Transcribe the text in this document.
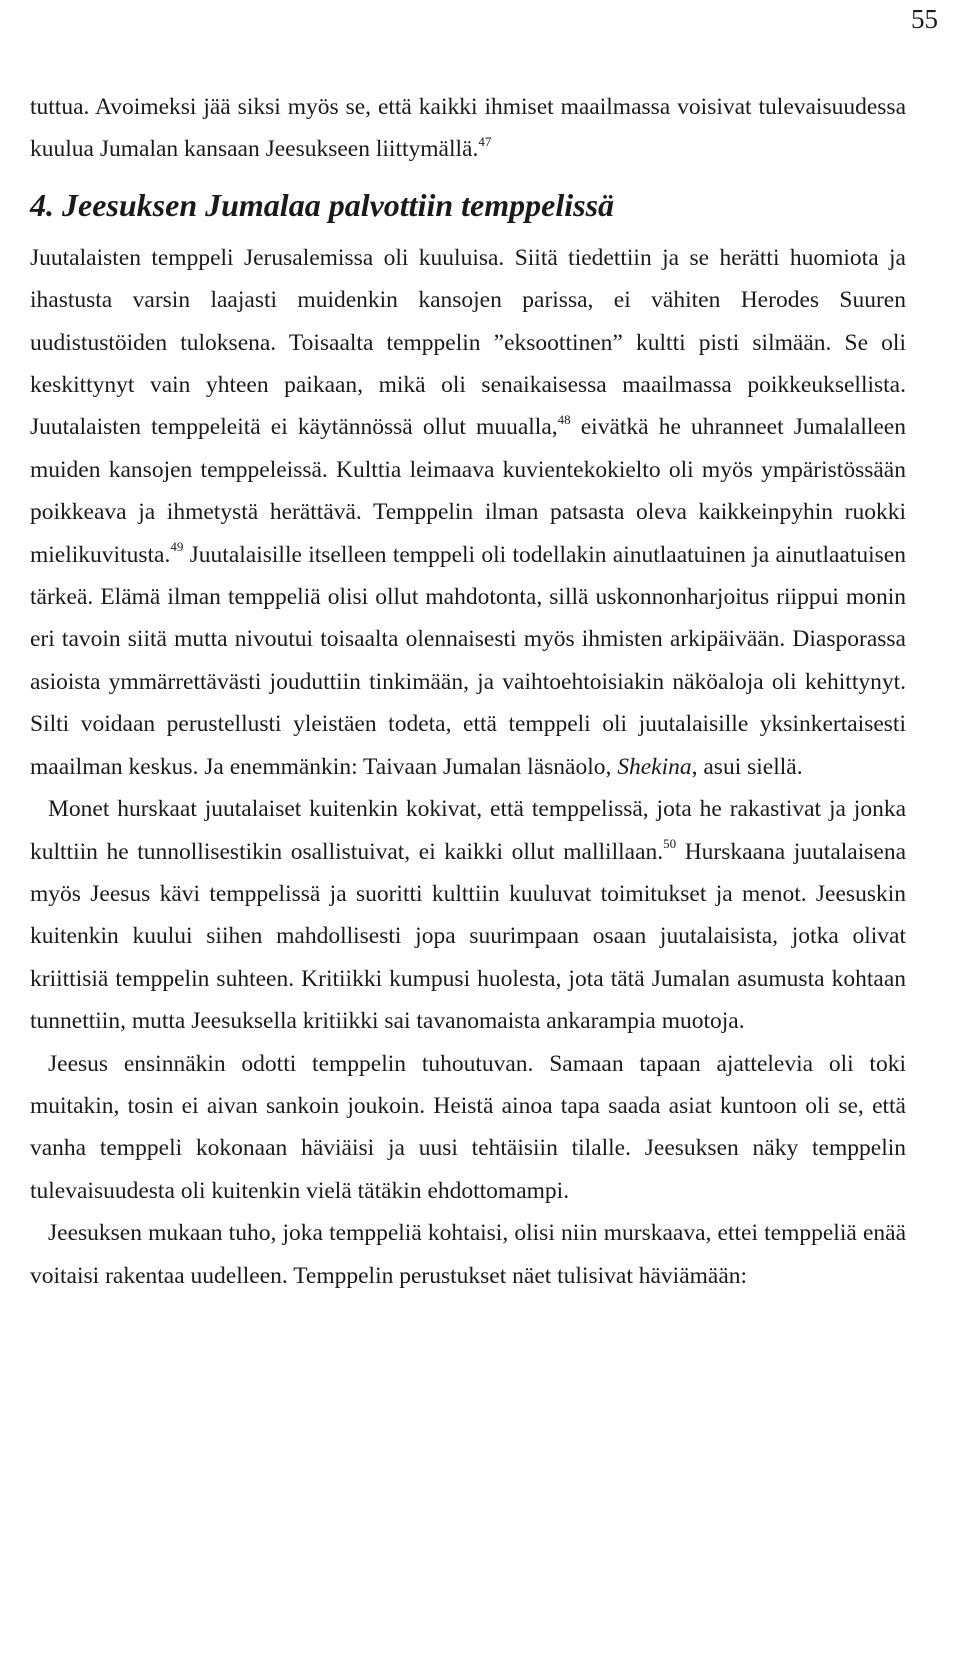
55

tuttua. Avoimeksi jää siksi myös se, että kaikki ihmiset maailmassa voisivat tulevaisuudessa kuulua Jumalan kansaan Jeesukseen liittymällä.$^{47}$

4. Jeesuksen Jumalaa palvottiin temppelissä

Juutalaisten temppeli Jerusalemissa oli kuuluisa. Siitä tiedettiin ja se herätti huomiota ja ihastusta varsin laajasti muidenkin kansojen parissa, ei vähiten Herodes Suuren uudistustöiden tuloksena. Toisaalta temppelin ”eksoottinen” kultti pisti silmään. Se oli keskittynyt vain yhteen paikaan, mikä oli senaikaisessa maailmassa poikkeuksellista. Juutalaisten temppeleitä ei käytännössä ollut muualla,$^{48}$ eivätkä he uhranneet Jumalalleen muiden kansojen temppeleissä. Kulttia leimaava kuvientekokielto oli myös ympäristössään poikkeava ja ihmetystä herättävä. Temppelin ilman patsasta oleva kaikkeinpyhin ruokki mielikuvitusta.$^{49}$ Juutalaisille itselleen temppeli oli todellakin ainutlaatuinen ja ainutlaatuisen tärkeä. Elämä ilman temppeliä olisi ollut mahdotonta, sillä uskonnonharjoitus riippui monin eri tavoin siitä mutta nivoutui toisaalta olennaisesti myös ihmisten arkipäivään. Diasporassa asioista ymmärrettävästi jouduttiin tinkimään, ja vaihtoehtoisiakin näköaloja oli kehittynyt. Silti voidaan perustellusti yleistäen todeta, että temppeli oli juutalaisille yksinkertaisesti maailman keskus. Ja enemmänkin: Taivaan Jumalan läsnäolo, Shekina, asui siellä.

Monet hurskaat juutalaiset kuitenkin kokivat, että temppelissä, jota he rakastivat ja jonka kulttiin he tunnollisestikin osallistuivat, ei kaikki ollut mallillaan.$^{50}$ Hurskaana juutalaisena myös Jeesus kävi temppelissä ja suoritti kulttiin kuuluvat toimitukset ja menot. Jeesuskin kuitenkin kuului siihen mahdollisesti jopa suurimpaan osaan juutalaisista, jotka olivat kriittisiä temppelin suhteen. Kritiikki kumpusi huolesta, jota tätä Jumalan asumusta kohtaan tunnettiin, mutta Jeesuksella kritiikki sai tavanomaista ankarampia muotoja.

Jeesus ensinnäkin odotti temppelin tuhoutuvan. Samaan tapaan ajattelevia oli toki muitakin, tosin ei aivan sankoin joukoin. Heistä ainoa tapa saada asiat kuntoon oli se, että vanha temppeli kokonaan häviäisi ja uusi tehtäisiin tilalle. Jeesuksen näky temppelin tulevaisuudesta oli kuitenkin vielä tätäkin ehdottomampi.

Jeesuksen mukaan tuho, joka temppeliä kohtaisi, olisi niin murskaava, ettei temppeliä enää voitaisi rakentaa uudelleen. Temppelin perustukset näet tulisivat häviämään:
